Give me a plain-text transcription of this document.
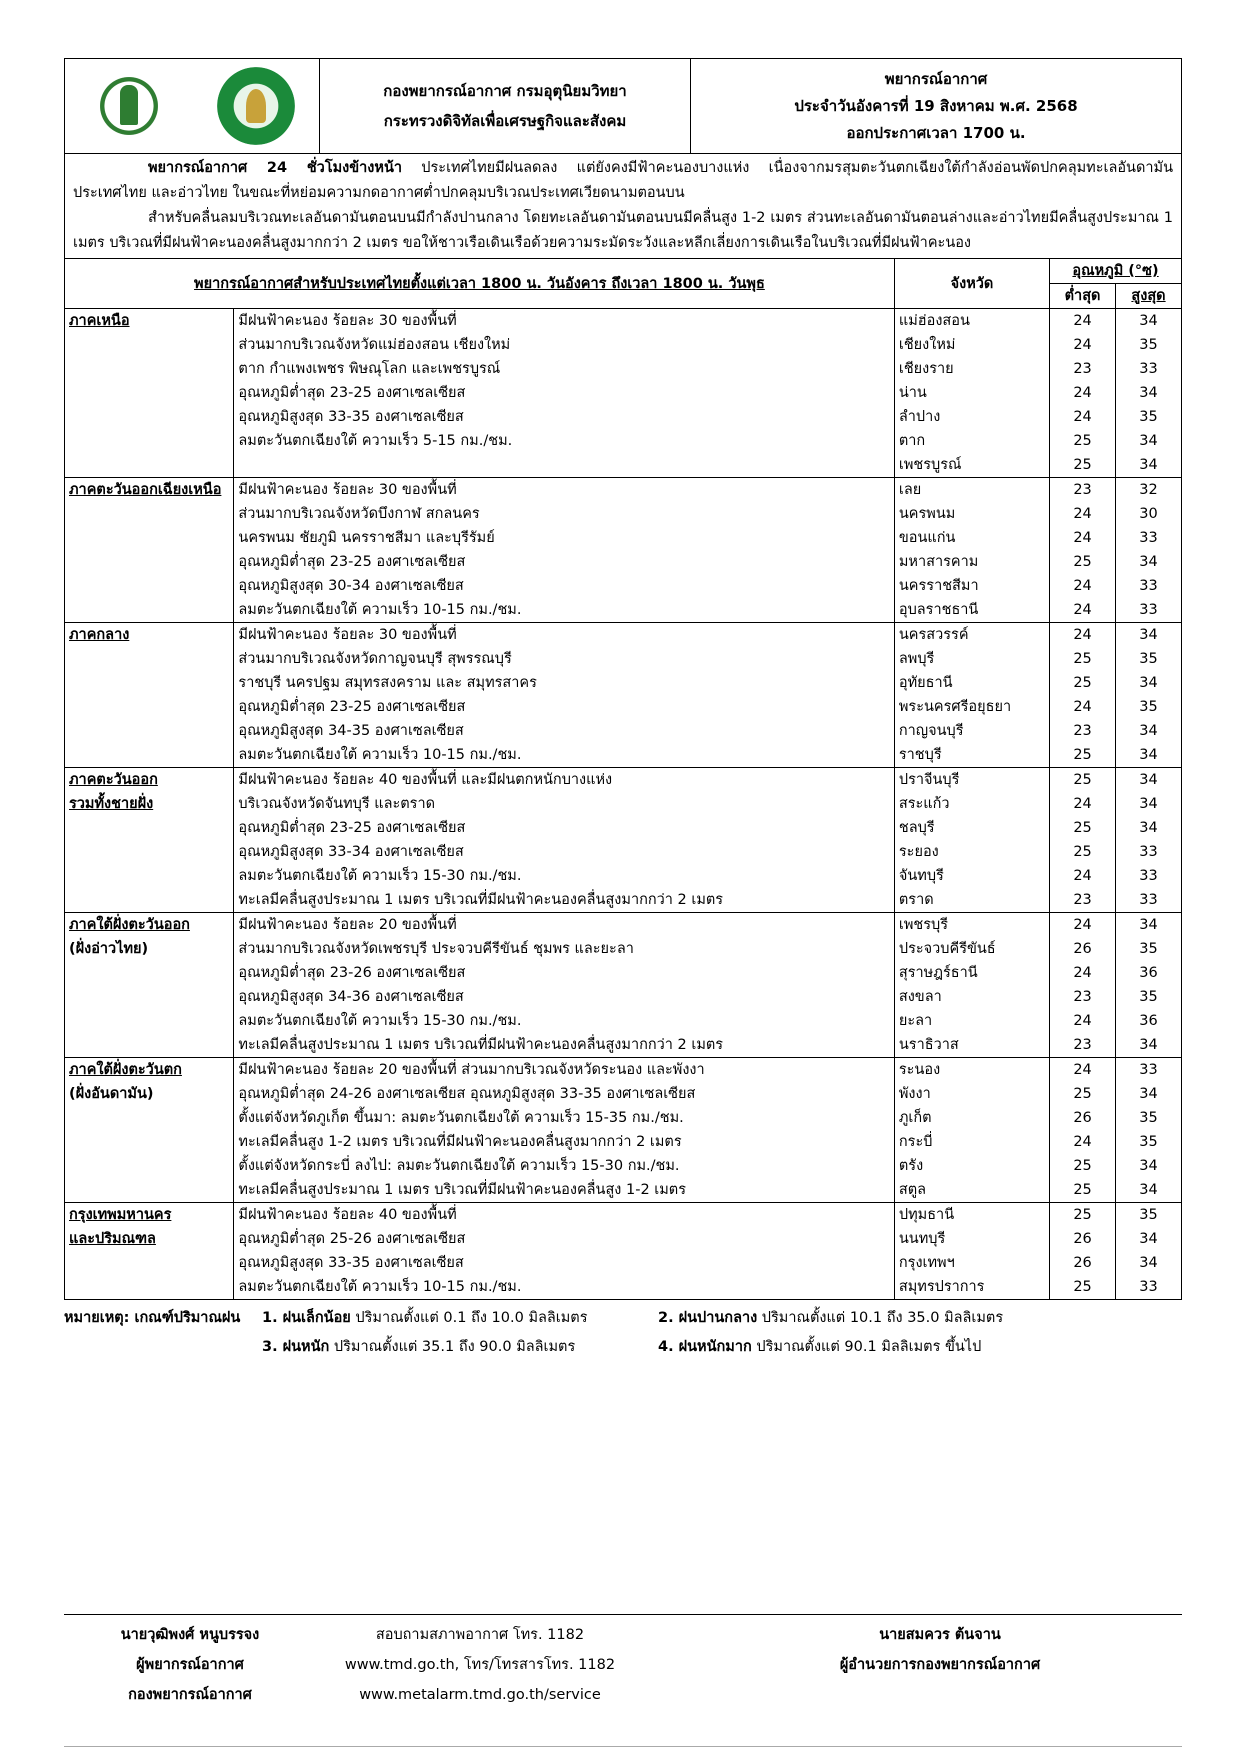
กองพยากรณ์อากาศ กรมอุตุนิยมวิทยา
กระทรวงดิจิทัลเพื่อเศรษฐกิจและสังคม
พยากรณ์อากาศ
ประจำวันอังคารที่ 19 สิงหาคม พ.ศ. 2568
ออกประกาศเวลา 1700 น.

พยากรณ์อากาศ 24 ชั่วโมงข้างหน้า ประเทศไทยมีฝนลดลง แต่ยังคงมีฟ้าคะนองบางแห่ง เนื่องจากมรสุมตะวันตกเฉียงใต้กำลังอ่อนพัดปกคลุมทะเลอันดามัน ประเทศไทย และอ่าวไทย ในขณะที่หย่อมความกดอากาศต่ำปกคลุมบริเวณประเทศเวียดนามตอนบน

สำหรับคลื่นลมบริเวณทะเลอันดามันตอนบนมีกำลังปานกลาง โดยทะเลอันดามันตอนบนมีคลื่นสูง 1-2 เมตร ส่วนทะเลอันดามันตอนล่างและอ่าวไทยมีคลื่นสูงประมาณ 1 เมตร บริเวณที่มีฝนฟ้าคะนองคลื่นสูงมากกว่า 2 เมตร ขอให้ชาวเรือเดินเรือด้วยความระมัดระวังและหลีกเลี่ยงการเดินเรือในบริเวณที่มีฝนฟ้าคะนอง

พยากรณ์อากาศสำหรับประเทศไทยตั้งแต่เวลา 1800 น. วันอังคาร ถึงเวลา 1800 น. วันพุธ		จังหวัด	อุณหภูมิ (°ซ)	
			ต่ำสุด	สูงสุด
ภาคเหนือ	มีฝนฟ้าคะนอง ร้อยละ 30 ของพื้นที่	แม่ฮ่องสอน	24	34
	ส่วนมากบริเวณจังหวัดแม่ฮ่องสอน เชียงใหม่	เชียงใหม่	24	35
	ตาก กำแพงเพชร พิษณุโลก และเพชรบูรณ์	เชียงราย	23	33
	อุณหภูมิต่ำสุด 23-25 องศาเซลเซียส	น่าน	24	34
	อุณหภูมิสูงสุด 33-35 องศาเซลเซียส	ลำปาง	24	35
	ลมตะวันตกเฉียงใต้ ความเร็ว 5-15 กม./ชม.	ตาก	25	34
		เพชรบูรณ์	25	34
ภาคตะวันออกเฉียงเหนือ	มีฝนฟ้าคะนอง ร้อยละ 30 ของพื้นที่	เลย	23	32
	ส่วนมากบริเวณจังหวัดบึงกาฬ สกลนคร	นครพนม	24	30
	นครพนม ชัยภูมิ นครราชสีมา และบุรีรัมย์	ขอนแก่น	24	33
	อุณหภูมิต่ำสุด 23-25 องศาเซลเซียส	มหาสารคาม	25	34
	อุณหภูมิสูงสุด 30-34 องศาเซลเซียส	นครราชสีมา	24	33
	ลมตะวันตกเฉียงใต้ ความเร็ว 10-15 กม./ชม.	อุบลราชธานี	24	33
ภาคกลาง	มีฝนฟ้าคะนอง ร้อยละ 30 ของพื้นที่	นครสวรรค์	24	34
	ส่วนมากบริเวณจังหวัดกาญจนบุรี สุพรรณบุรี	ลพบุรี	25	35
	ราชบุรี นครปฐม สมุทรสงคราม และ สมุทรสาคร	อุทัยธานี	25	34
	อุณหภูมิต่ำสุด 23-25 องศาเซลเซียส	พระนครศรีอยุธยา	24	35
	อุณหภูมิสูงสุด 34-35 องศาเซลเซียส	กาญจนบุรี	23	34
	ลมตะวันตกเฉียงใต้ ความเร็ว 10-15 กม./ชม.	ราชบุรี	25	34
ภาคตะวันออก	มีฝนฟ้าคะนอง ร้อยละ 40 ของพื้นที่ และมีฝนตกหนักบางแห่ง	ปราจีนบุรี	25	34
รวมทั้งชายฝั่ง	บริเวณจังหวัดจันทบุรี และตราด	สระแก้ว	24	34
	อุณหภูมิต่ำสุด 23-25 องศาเซลเซียส	ชลบุรี	25	34
	อุณหภูมิสูงสุด 33-34 องศาเซลเซียส	ระยอง	25	33
	ลมตะวันตกเฉียงใต้ ความเร็ว 15-30 กม./ชม.	จันทบุรี	24	33
	ทะเลมีคลื่นสูงประมาณ 1 เมตร บริเวณที่มีฝนฟ้าคะนองคลื่นสูงมากกว่า 2 เมตร	ตราด	23	33
ภาคใต้ฝั่งตะวันออก	มีฝนฟ้าคะนอง ร้อยละ 20 ของพื้นที่	เพชรบุรี	24	34
(ฝั่งอ่าวไทย)	ส่วนมากบริเวณจังหวัดเพชรบุรี ประจวบคีรีขันธ์ ชุมพร และยะลา	ประจวบคีรีขันธ์	26	35
	อุณหภูมิต่ำสุด 23-26 องศาเซลเซียส	สุราษฎร์ธานี	24	36
	อุณหภูมิสูงสุด 34-36 องศาเซลเซียส	สงขลา	23	35
	ลมตะวันตกเฉียงใต้ ความเร็ว 15-30 กม./ชม.	ยะลา	24	36
	ทะเลมีคลื่นสูงประมาณ 1 เมตร บริเวณที่มีฝนฟ้าคะนองคลื่นสูงมากกว่า 2 เมตร	นราธิวาส	23	34
ภาคใต้ฝั่งตะวันตก	มีฝนฟ้าคะนอง ร้อยละ 20 ของพื้นที่ ส่วนมากบริเวณจังหวัดระนอง และพังงา	ระนอง	24	33
(ฝั่งอันดามัน)	อุณหภูมิต่ำสุด 24-26 องศาเซลเซียส อุณหภูมิสูงสุด 33-35 องศาเซลเซียส	พังงา	25	34
	ตั้งแต่จังหวัดภูเก็ต ขึ้นมา: ลมตะวันตกเฉียงใต้ ความเร็ว 15-35 กม./ชม.	ภูเก็ต	26	35
	ทะเลมีคลื่นสูง 1-2 เมตร บริเวณที่มีฝนฟ้าคะนองคลื่นสูงมากกว่า 2 เมตร	กระบี่	24	35
	ตั้งแต่จังหวัดกระบี่ ลงไป: ลมตะวันตกเฉียงใต้ ความเร็ว 15-30 กม./ชม.	ตรัง	25	34
	ทะเลมีคลื่นสูงประมาณ 1 เมตร บริเวณที่มีฝนฟ้าคะนองคลื่นสูง 1-2 เมตร	สตูล	25	34
กรุงเทพมหานคร	มีฝนฟ้าคะนอง ร้อยละ 40 ของพื้นที่	ปทุมธานี	25	35
และปริมณฑล	อุณหภูมิต่ำสุด 25-26 องศาเซลเซียส	นนทบุรี	26	34
	อุณหภูมิสูงสุด 33-35 องศาเซลเซียส	กรุงเทพฯ	26	34
	ลมตะวันตกเฉียงใต้ ความเร็ว 10-15 กม./ชม.	สมุทรปราการ	25	33
หมายเหตุ: เกณฑ์ปริมาณฝน	1. ฝนเล็กน้อย ปริมาณตั้งแต่ 0.1 ถึง 10.0 มิลลิเมตร	2. ฝนปานกลาง ปริมาณตั้งแต่ 10.1 ถึง 35.0 มิลลิเมตร
3. ฝนหนัก ปริมาณตั้งแต่ 35.1 ถึง 90.0 มิลลิเมตร	4. ฝนหนักมาก ปริมาณตั้งแต่ 90.1 มิลลิเมตร ขึ้นไป
นายวุฒิพงศ์ หนูบรรจง
ผู้พยากรณ์อากาศ
กองพยากรณ์อากาศ
สอบถามสภาพอากาศ โทร. 1182
www.tmd.go.th, โทร/โทรสารโทร. 1182
www.metalarm.tmd.go.th/service
นายสมควร ต้นจาน
ผู้อำนวยการกองพยากรณ์อากาศ
